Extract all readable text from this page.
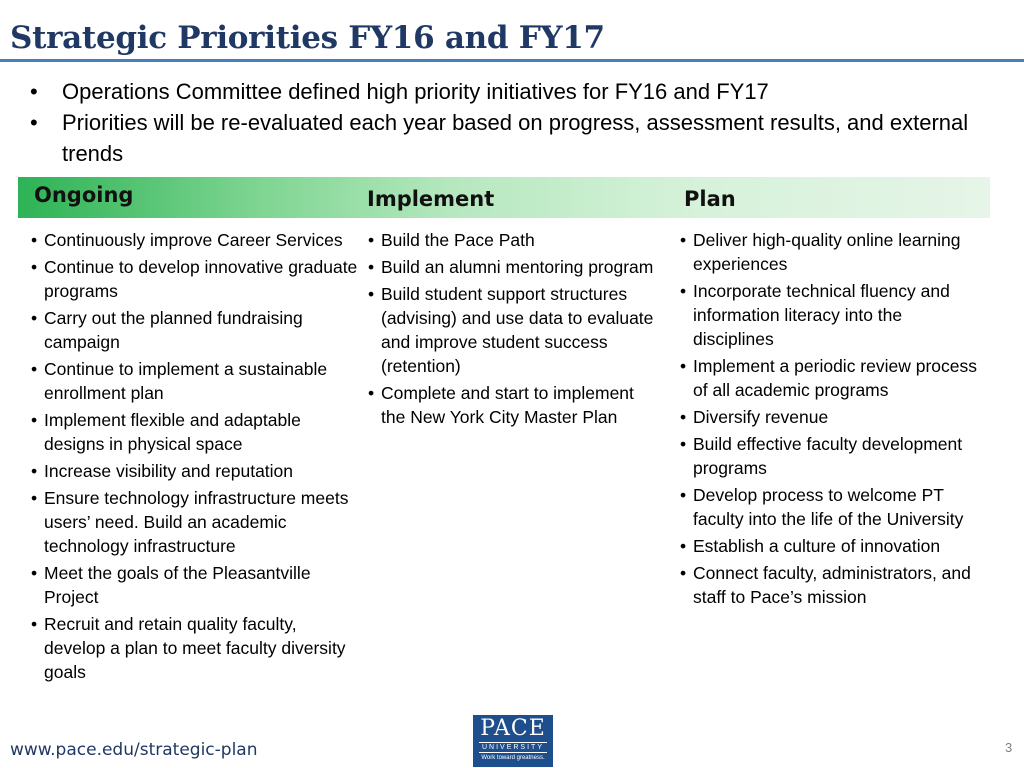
Strategic Priorities FY16 and FY17
• Operations Committee defined high priority initiatives for FY16 and FY17
• Priorities will be re-evaluated each year based on progress, assessment results, and external trends
Ongoing	Implement	Plan
• Continuously improve Career Services
• Continue to develop innovative graduate programs
• Carry out the planned fundraising campaign
• Continue to implement a sustainable enrollment plan
• Implement flexible and adaptable designs in physical space
• Increase visibility and reputation
• Ensure technology infrastructure meets users’ need. Build an academic technology infrastructure
• Meet the goals of the Pleasantville Project
• Recruit and retain quality faculty, develop a plan to meet faculty diversity goals
• Build the Pace Path
• Build an alumni mentoring program
• Build student support structures (advising) and use data to evaluate and improve student success (retention)
• Complete and start to implement the New York City Master Plan
• Deliver high-quality online learning experiences
• Incorporate technical fluency and information literacy into the disciplines
• Implement a periodic review process of all academic programs
• Diversify revenue
• Build effective faculty development programs
• Develop process to welcome PT faculty into the life of the University
• Establish a culture of innovation
• Connect faculty, administrators, and staff to Pace’s mission
www.pace.edu/strategic-plan
PACE
UNIVERSITY
Work toward greatness.
3
